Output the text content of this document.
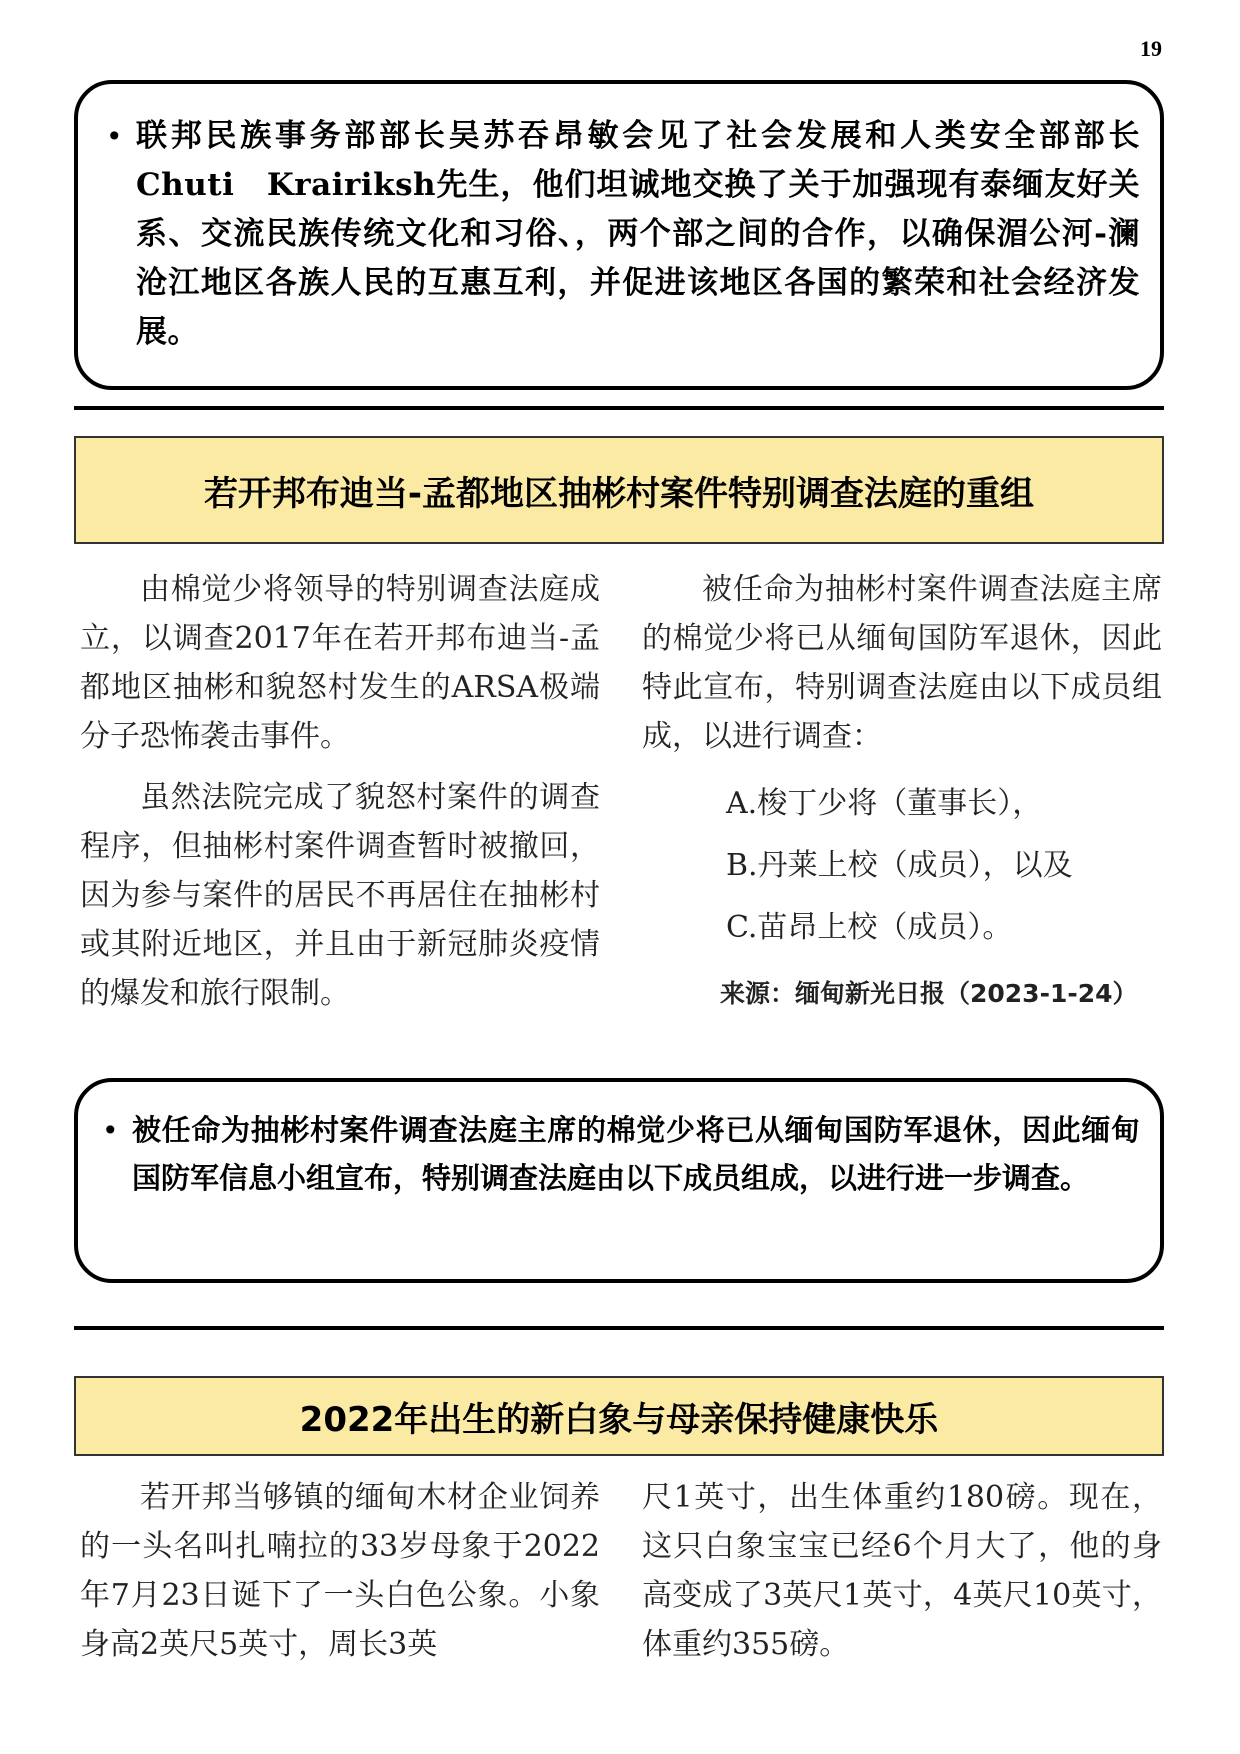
19
• 联邦民族事务部部长吴苏吞昂敏会见了社会发展和人类安全部部长Chuti　Krairiksh先生，他们坦诚地交换了关于加强现有泰缅友好关系、交流民族传统文化和习俗、，两个部之间的合作，以确保湄公河-澜沧江地区各族人民的互惠互利，并促进该地区各国的繁荣和社会经济发展。
若开邦布迪当-孟都地区抽彬村案件特别调查法庭的重组

由棉觉少将领导的特别调查法庭成立，以调查2017年在若开邦布迪当-孟都地区抽彬和貌怒村发生的ARSA极端分子恐怖袭击事件。

虽然法院完成了貌怒村案件的调查程序，但抽彬村案件调查暂时被撤回，因为参与案件的居民不再居住在抽彬村或其附近地区，并且由于新冠肺炎疫情的爆发和旅行限制。

被任命为抽彬村案件调查法庭主席的棉觉少将已从缅甸国防军退休，因此特此宣布，特别调查法庭由以下成员组成，以进行调查：

A.梭丁少将（董事长），
B.丹莱上校（成员），以及
C.苗昂上校（成员）。
来源：缅甸新光日报（2023-1-24）
• 被任命为抽彬村案件调查法庭主席的棉觉少将已从缅甸国防军退休，因此缅甸国防军信息小组宣布，特别调查法庭由以下成员组成，以进行进一步调查。
2022年出生的新白象与母亲保持健康快乐

若开邦当够镇的缅甸木材企业饲养的一头名叫扎喃拉的33岁母象于2022年7月23日诞下了一头白色公象。小象身高2英尺5英寸，周长3英

尺1英寸，出生体重约180磅。现在，这只白象宝宝已经6个月大了，他的身高变成了3英尺1英寸，4英尺10英寸，体重约355磅。
